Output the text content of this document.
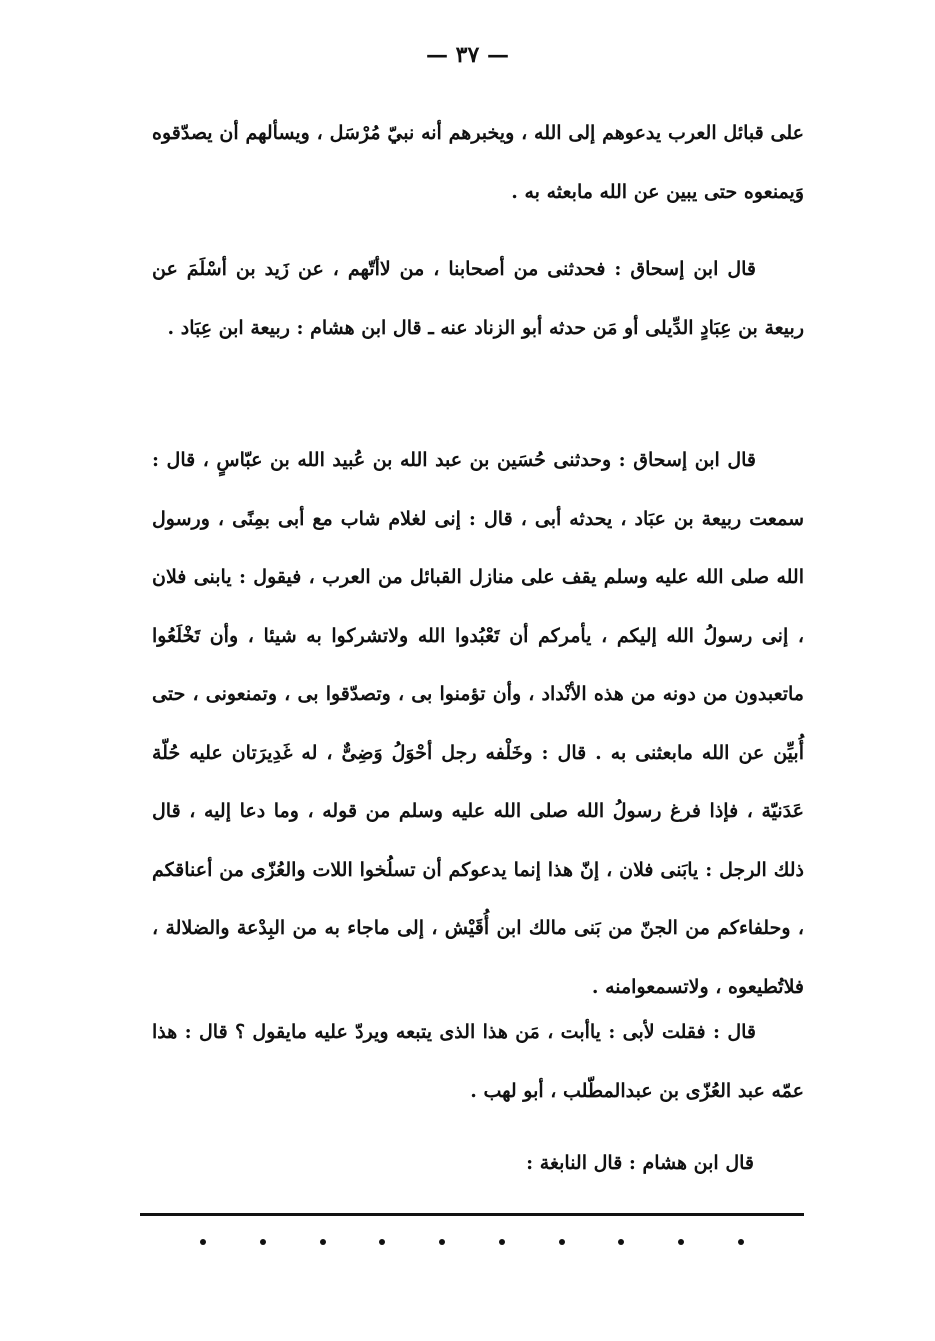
— ٣٧ —

على قبائل العرب يدعوهم إلى الله ، ويخبرهم أنه نبيّ مُرْسَل ، ويسألهم أن يصدّقوه وَيمنعوه حتى يبين عن الله مابعثه به .

قال ابن إسحاق : فحدثنى من أصحابنا ، من لاأتّهم ، عن زَيد بن أسْلَمَ عن ربيعة بن عِبَادٍ الدِّيلى أو مَن حدثه أبو الزناد عنه ـ قال ابن هشام : ربيعة ابن عِبَاد .

قال ابن إسحاق : وحدثنى حُسَين بن عبد الله بن عُبيد الله بن عبّاسٍ ، قال : سمعت ربيعة بن عبَاد ، يحدثه أبى ، قال : إنى لغلام شاب مع أبى بمِنًى ، ورسول الله صلى الله عليه وسلم يقف على منازل القبائل من العرب ، فيقول : يابنى فلان ، إنى رسولُ الله إليكم ، يأمركم أن تَعْبُدوا الله ولاتشركوا به شيئا ، وأن تَخْلَعُوا ماتعبدون من دونه من هذه الأنْداد ، وأن تؤمنوا بى ، وتصدّقوا بى ، وتمنعونى ، حتى أُبيِّن عن الله مابعثنى به . قال : وخَلْفه رجل أحْوَلُ وَضِىٌّ ، له غَدِيرَتان عليه حُلّة عَدَنيّة ، فإذا فرغ رسولُ الله صلى الله عليه وسلم من قوله ، وما دعا إليه ، قال ذلك الرجل : يابَنى فلان ، إنّ هذا إنما يدعوكم أن تسلُخوا اللات والعُزّى من أعناقكم ، وحلفاءكم من الجنّ من بَنى مالك ابن أُقَيْش ، إلى ماجاء به من البِدْعة والضلالة ، فلاتُطيعوه ، ولاتسمعوامنه .

قال : فقلت لأبى : ياأبت ، مَن هذا الذى يتبعه ويردّ عليه مايقول ؟ قال : هذا عمّه عبد العُزّى بن عبدالمطّلب ، أبو لهب .

قال ابن هشام : قال النابغة :
